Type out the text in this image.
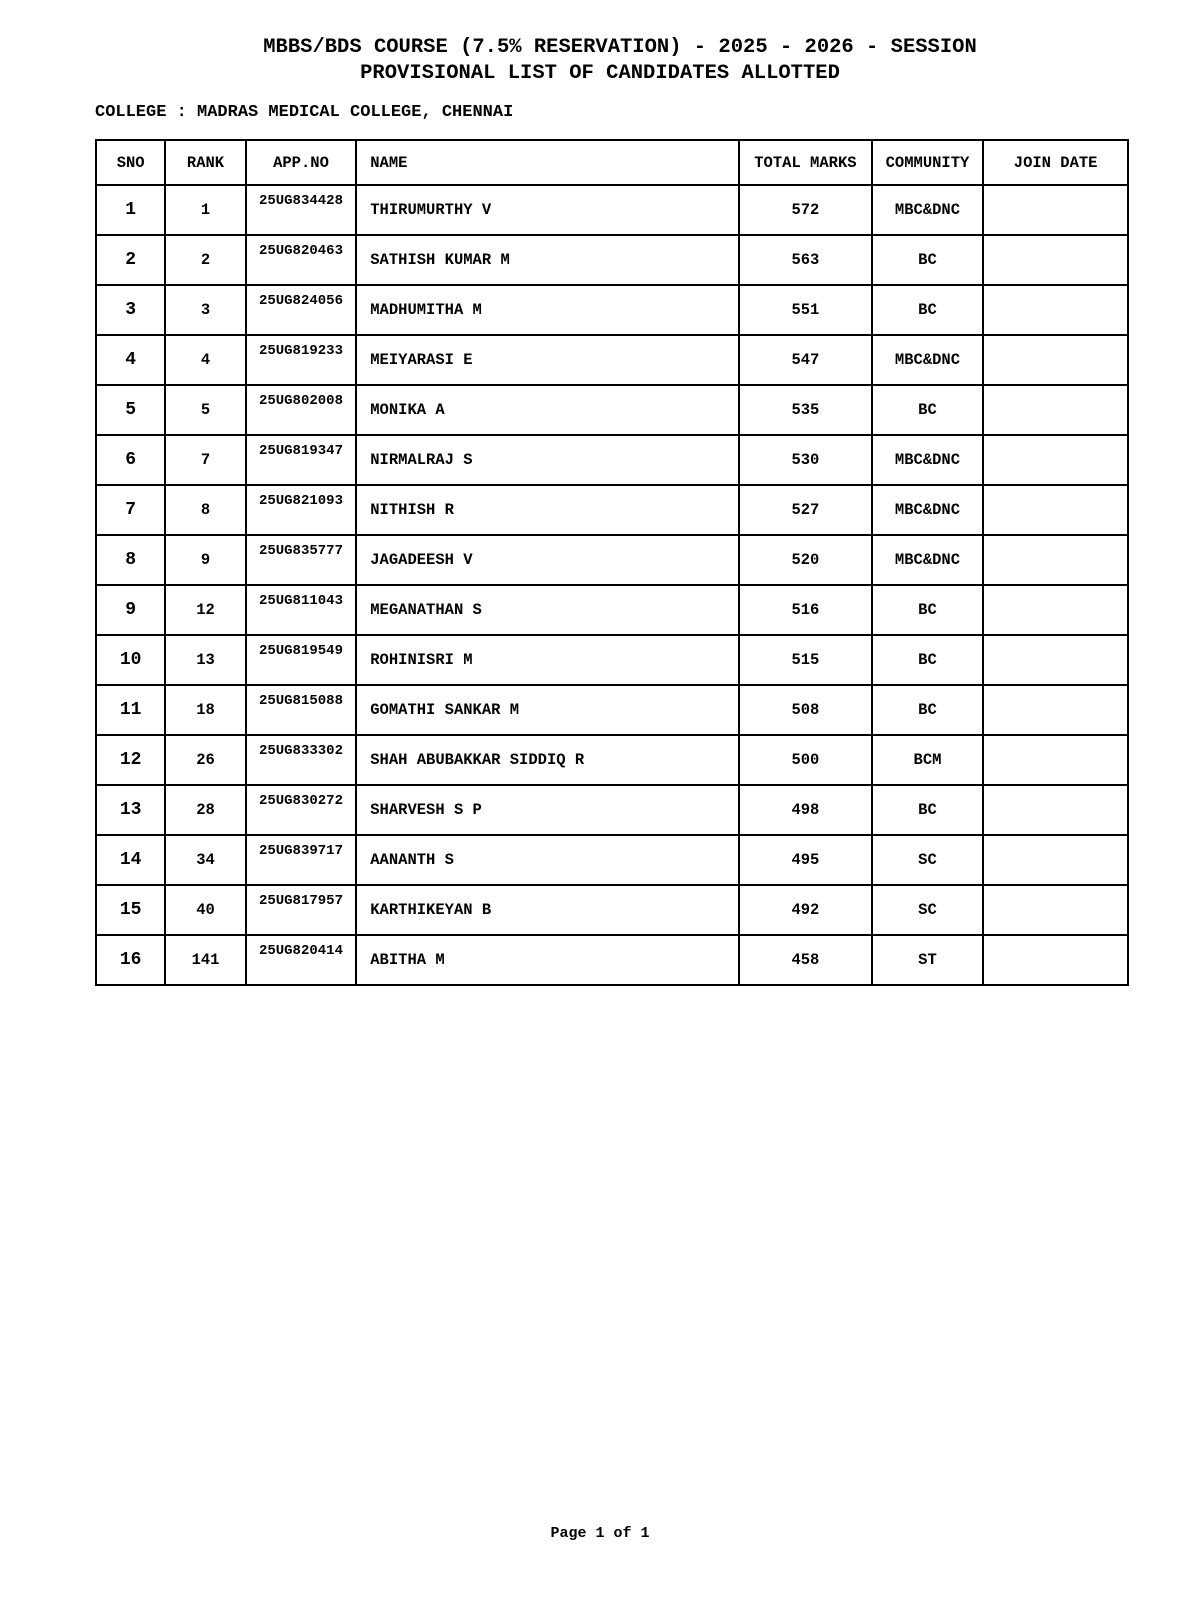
MBBS/BDS COURSE (7.5% RESERVATION) - 2025 - 2026 - SESSION
PROVISIONAL LIST OF CANDIDATES ALLOTTED
COLLEGE : MADRAS MEDICAL COLLEGE, CHENNAI
SNO	RANK	APP.NO	NAME	TOTAL MARKS	COMMUNITY	JOIN DATE
1	1	25UG834428	THIRUMURTHY V	572	MBC&DNC	
2	2	25UG820463	SATHISH KUMAR M	563	BC	
3	3	25UG824056	MADHUMITHA M	551	BC	
4	4	25UG819233	MEIYARASI E	547	MBC&DNC	
5	5	25UG802008	MONIKA A	535	BC	
6	7	25UG819347	NIRMALRAJ S	530	MBC&DNC	
7	8	25UG821093	NITHISH R	527	MBC&DNC	
8	9	25UG835777	JAGADEESH V	520	MBC&DNC	
9	12	25UG811043	MEGANATHAN S	516	BC	
10	13	25UG819549	ROHINISRI M	515	BC	
11	18	25UG815088	GOMATHI SANKAR M	508	BC	
12	26	25UG833302	SHAH ABUBAKKAR SIDDIQ R	500	BCM	
13	28	25UG830272	SHARVESH S P	498	BC	
14	34	25UG839717	AANANTH S	495	SC	
15	40	25UG817957	KARTHIKEYAN B	492	SC	
16	141	25UG820414	ABITHA M	458	ST	
Page 1 of 1
